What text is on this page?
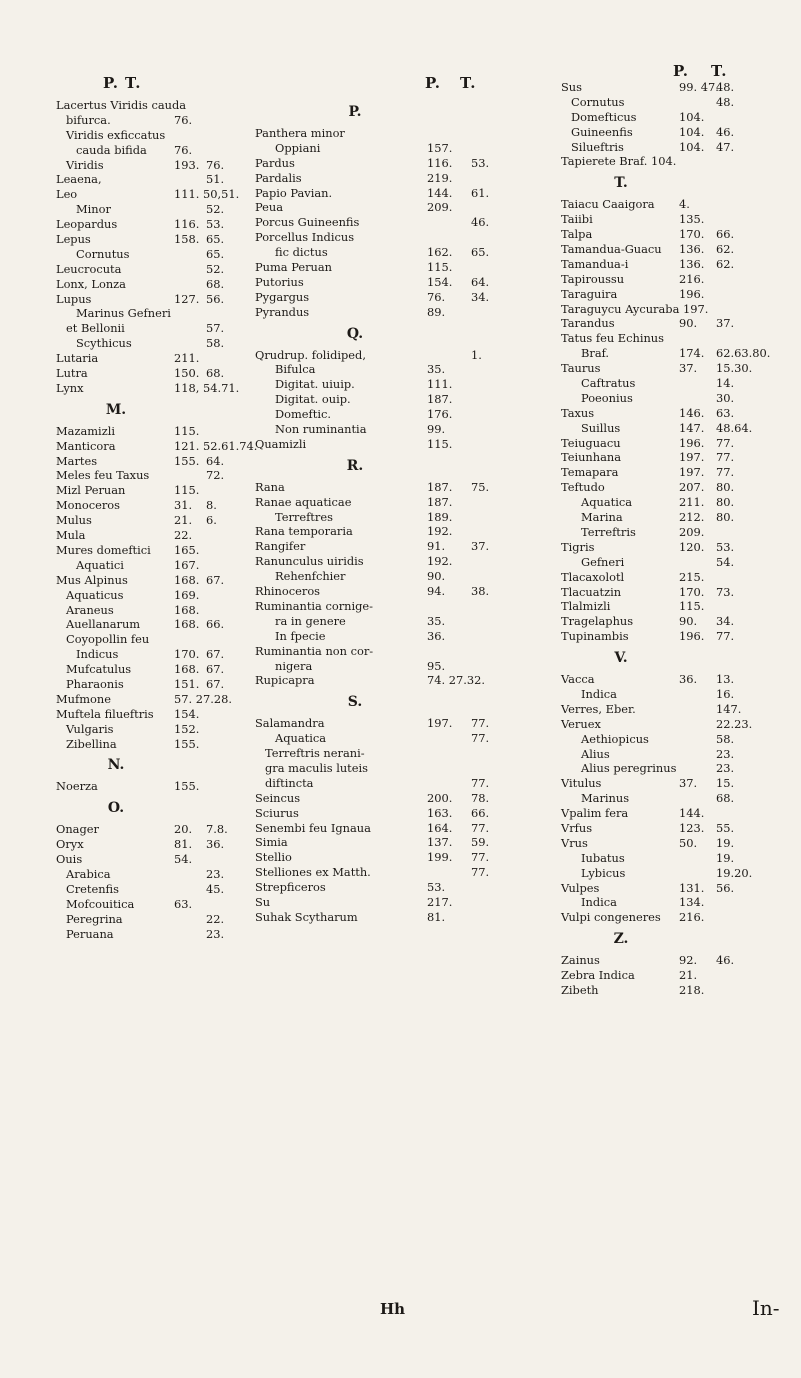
P. T.
Lacertus Viridis cauda
bifurca.	76.
Viridis exficcatus
cauda bifida 76.
Viridis	193. 76.
Leaena,	51.
Leo	111. 50,51.
Minor	52.
Leopardus	116. 53.
Lepus	158. 65.
Cornutus	65.
Leucrocuta	52.
Lonx, Lonza	68.
Lupus	127. 56.
Marinus Gefneri
et Bellonii	57.
Scythicus	58.
Lutaria	211.
Lutra	150. 68.
Lynx	118, 54.71.
M.
Mazamizli	115.
Manticora	121. 52.61.74.
Martes	155. 64.
Meles feu Taxus	72.
Mizl Peruan	115.
Monoceros	31. 8.
Mulus	21. 6.
Mula	22.
Mures domeftici 165.
Aquatici	167.
Mus Alpinus	168. 67.
Aquaticus	169.
Araneus	168.
Auellanarum	168. 66.
Coyopollin feu
Indicus	170. 67.
Mufcatulus	168. 67.
Pharaonis	151. 67.
Mufmone	57. 27.28.
Muftela filueftris 154.
Vulgaris	152.
Zibellina	155.
N.
Noerza	155.
O.
Onager	20. 7.8.
Oryx	81. 36.
Ouis	54.
Arabica	23.
Cretenfis	45.
Mofcouitica	63.
Peregrina	22.
Peruana	23.
P. T.
P.
Panthera minor
Oppiani	157.
Pardus	116. 53.
Pardalis	219.
Papio Pavian.	144. 61.
Peua	209.
Porcus Guineenfis	46.
Porcellus Indicus
fic dictus	162. 65.
Puma Peruan	115.
Putorius	154. 64.
Pygargus	76. 34.
Pyrandus	89.
Q.
Qrudrup. folidiped,	1.
Bifulca	35.
Digitat. uiuip.	111.
Digitat. ouip.	187.
Domeftic.	176.
Non ruminantia	99.
Quamizli	115.
R.
Rana	187. 75.
Ranae aquaticae	187.
Terreftres	189.
Rana temporaria	192.
Rangifer	91. 37.
Ranunculus uiridis	192.
Rehenfchier	90.
Rhinoceros	94. 38.
Ruminantia cornige-
ra in genere	35.
In fpecie	36.
Ruminantia non cor-
nigera	95.
Rupicapra	74. 27.32.
S.
Salamandra	197. 77.
Aquatica	77.
Terreftris nerani-
gra maculis luteis
diftincta	77.
Seincus	200. 78.
Sciurus	163. 66.
Senembi feu Ignaua	164. 77.
Simia	137. 59.
Stellio	199. 77.
Stelliones ex Matth.	77.
Strepficeros	53.
Su	217.
Suhak Scytharum	81.
P. T.
Sus	99. 47.
48.
Cornutus	48.
Domefticus	104.
Guineenfis	104. 46.
Silueftris	104. 47.
Tapierete Braf. 104.
T.
Taiacu Caaigora 4.
Taiibi	135.
Talpa	170. 66.
Tamandua-Guacu 136. 62.
Tamandua-i	136. 62.
Tapiroussu	216.
Taraguira	196.
Taraguycu Aycuraba 197.
Tarandus	90. 37.
Tatus feu Echinus
Braf.	174. 62.63.80.
Taurus	37. 15.30.
Caftratus	14.
Poeonius	30.
Taxus	146. 63.
Suillus	147. 48.64.
Teiuguacu	196. 77.
Teiunhana	197. 77.
Temapara	197. 77.
Teftudo	207. 80.
Aquatica	211. 80.
Marina	212. 80.
Terreftris	209.
Tigris	120. 53.
Gefneri	54.
Tlacaxolotl	215.
Tlacuatzin	170. 73.
Tlalmizli	115.
Tragelaphus	90. 34.
Tupinambis	196. 77.
V.
Vacca	36. 13.
Indica	16.
Verres, Eber.	147.
Veruex	22.23.
Aethiopicus	58.
Alius	23.
Alius peregrinus	23.
Vitulus	37. 15.
Marinus	68.
Vpalim fera	144.
Vrfus	123. 55.
Vrus	50. 19.
Iubatus	19.
Lybicus	19.20.
Vulpes	131. 56.
Indica	134.
Vulpi congeneres 216.
Z.
Zainus	92. 46.
Zebra Indica	21.
Zibeth	218.
Hh	In-
